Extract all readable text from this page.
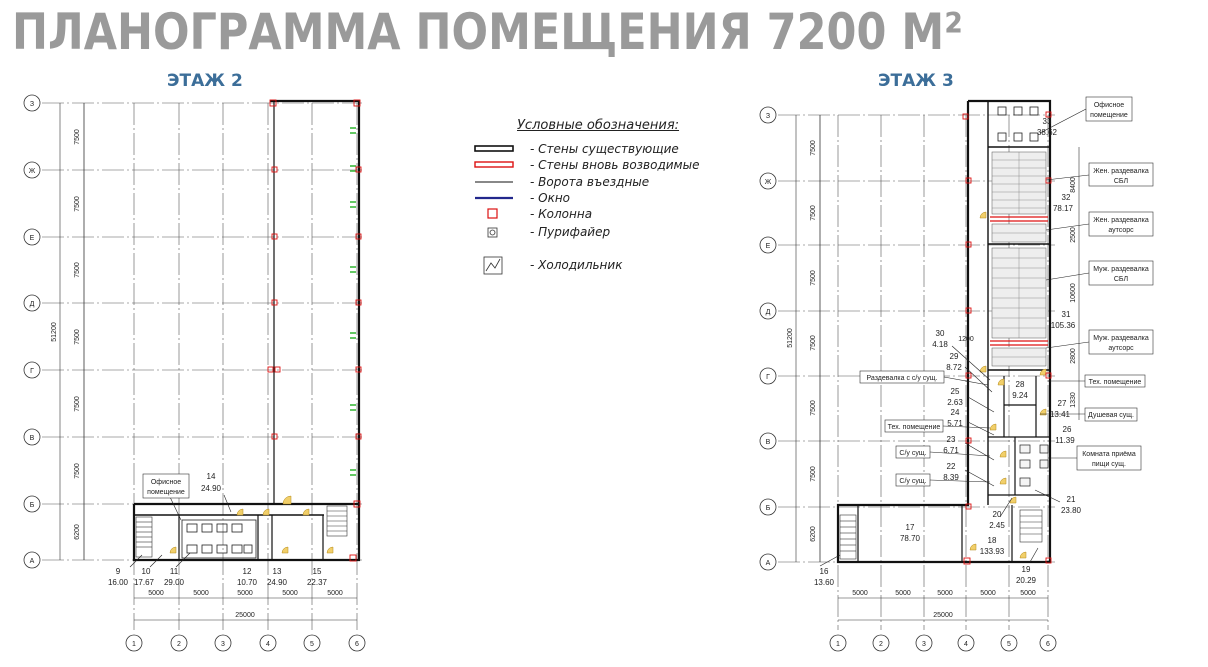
ПЛАНОГРАММА ПОМЕЩЕНИЯ 7200 М²
ЭТАЖ 2	ЭТАЖ 3
З
Ж
Е
Д
Г
В
Б
А
1	2	3	4	5	6
5000	5000	5000	5000	5000
25000
7500
7500
7500
7500
7500
7500
6200
51200
Офисное
помещение
14
24.90
9
16.00
10
17.67
11
29.00
12
10.70
13
24.90
15
22.37
З
Ж
Е
Д
Г
В
Б
А
1	2	3	4	5	6
5000	5000	5000	5000	5000
25000
7500
7500
7500
7500
7500
7500
6200
51200
8400
2500
10600
2800
1330
1200
Офисное
помещение
Жен. раздевалка
СБЛ
Жен. раздевалка
аутсорс
Муж. раздевалка
СБЛ
Муж. раздевалка
аутсорс
Тех. помещение
Душевая сущ.
Комната приёма
пищи сущ.
Раздевалка с с/у сущ.
Тех. помещение
С/у сущ.
С/у сущ.
33
38.62
32
78.17
31
105.36
30
4.18
29
8.72
28
9.24
27
13.41
26
11.39
25
2.63
24
5.71
23
6.71
22
8.39
21
23.80
20
2.45
17
78.70	18
133.93
16
13.60
19
20.29
Условные обозначения:
- Стены существующие
- Стены вновь возводимые
- Ворота въездные
- Окно
- Колонна
- Пурифайер
- Холодильник
